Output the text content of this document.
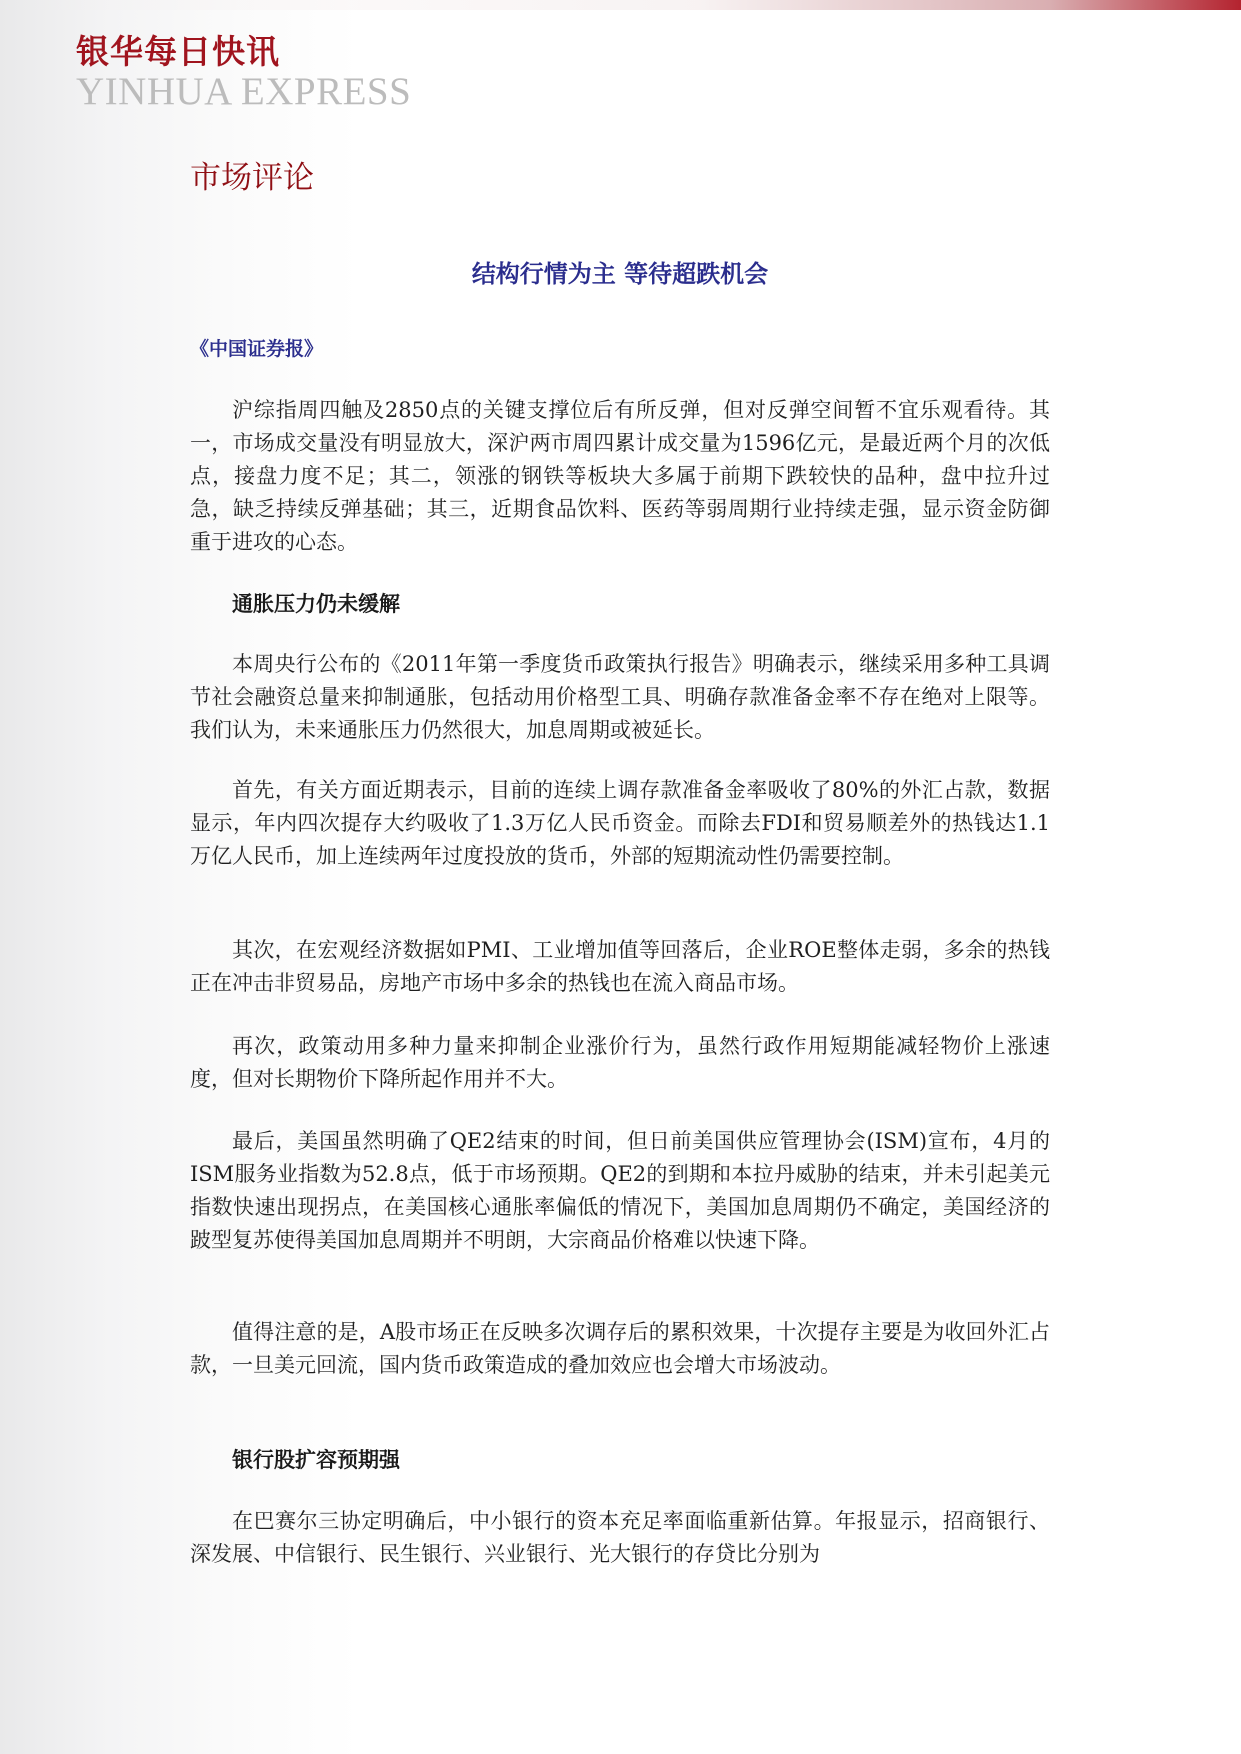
银华每日快讯
YINHUA EXPRESS
市场评论
结构行情为主 等待超跌机会
《中国证券报》

沪综指周四触及2850点的关键支撑位后有所反弹，但对反弹空间暂不宜乐观看待。其一，市场成交量没有明显放大，深沪两市周四累计成交量为1596亿元，是最近两个月的次低点，接盘力度不足；其二，领涨的钢铁等板块大多属于前期下跌较快的品种，盘中拉升过急，缺乏持续反弹基础；其三，近期食品饮料、医药等弱周期行业持续走强，显示资金防御重于进攻的心态。

通胀压力仍未缓解

本周央行公布的《2011年第一季度货币政策执行报告》明确表示，继续采用多种工具调节社会融资总量来抑制通胀，包括动用价格型工具、明确存款准备金率不存在绝对上限等。我们认为，未来通胀压力仍然很大，加息周期或被延长。

首先，有关方面近期表示，目前的连续上调存款准备金率吸收了80%的外汇占款，数据显示，年内四次提存大约吸收了1.3万亿人民币资金。而除去FDI和贸易顺差外的热钱达1.1万亿人民币，加上连续两年过度投放的货币，外部的短期流动性仍需要控制。

其次，在宏观经济数据如PMI、工业增加值等回落后，企业ROE整体走弱，多余的热钱正在冲击非贸易品，房地产市场中多余的热钱也在流入商品市场。

再次，政策动用多种力量来抑制企业涨价行为，虽然行政作用短期能减轻物价上涨速度，但对长期物价下降所起作用并不大。

最后，美国虽然明确了QE2结束的时间，但日前美国供应管理协会(ISM)宣布，4月的ISM服务业指数为52.8点，低于市场预期。QE2的到期和本拉丹威胁的结束，并未引起美元指数快速出现拐点，在美国核心通胀率偏低的情况下，美国加息周期仍不确定，美国经济的跛型复苏使得美国加息周期并不明朗，大宗商品价格难以快速下降。

值得注意的是，A股市场正在反映多次调存后的累积效果，十次提存主要是为收回外汇占款，一旦美元回流，国内货币政策造成的叠加效应也会增大市场波动。

银行股扩容预期强

在巴赛尔三协定明确后，中小银行的资本充足率面临重新估算。年报显示，招商银行、深发展、中信银行、民生银行、兴业银行、光大银行的存贷比分别为
